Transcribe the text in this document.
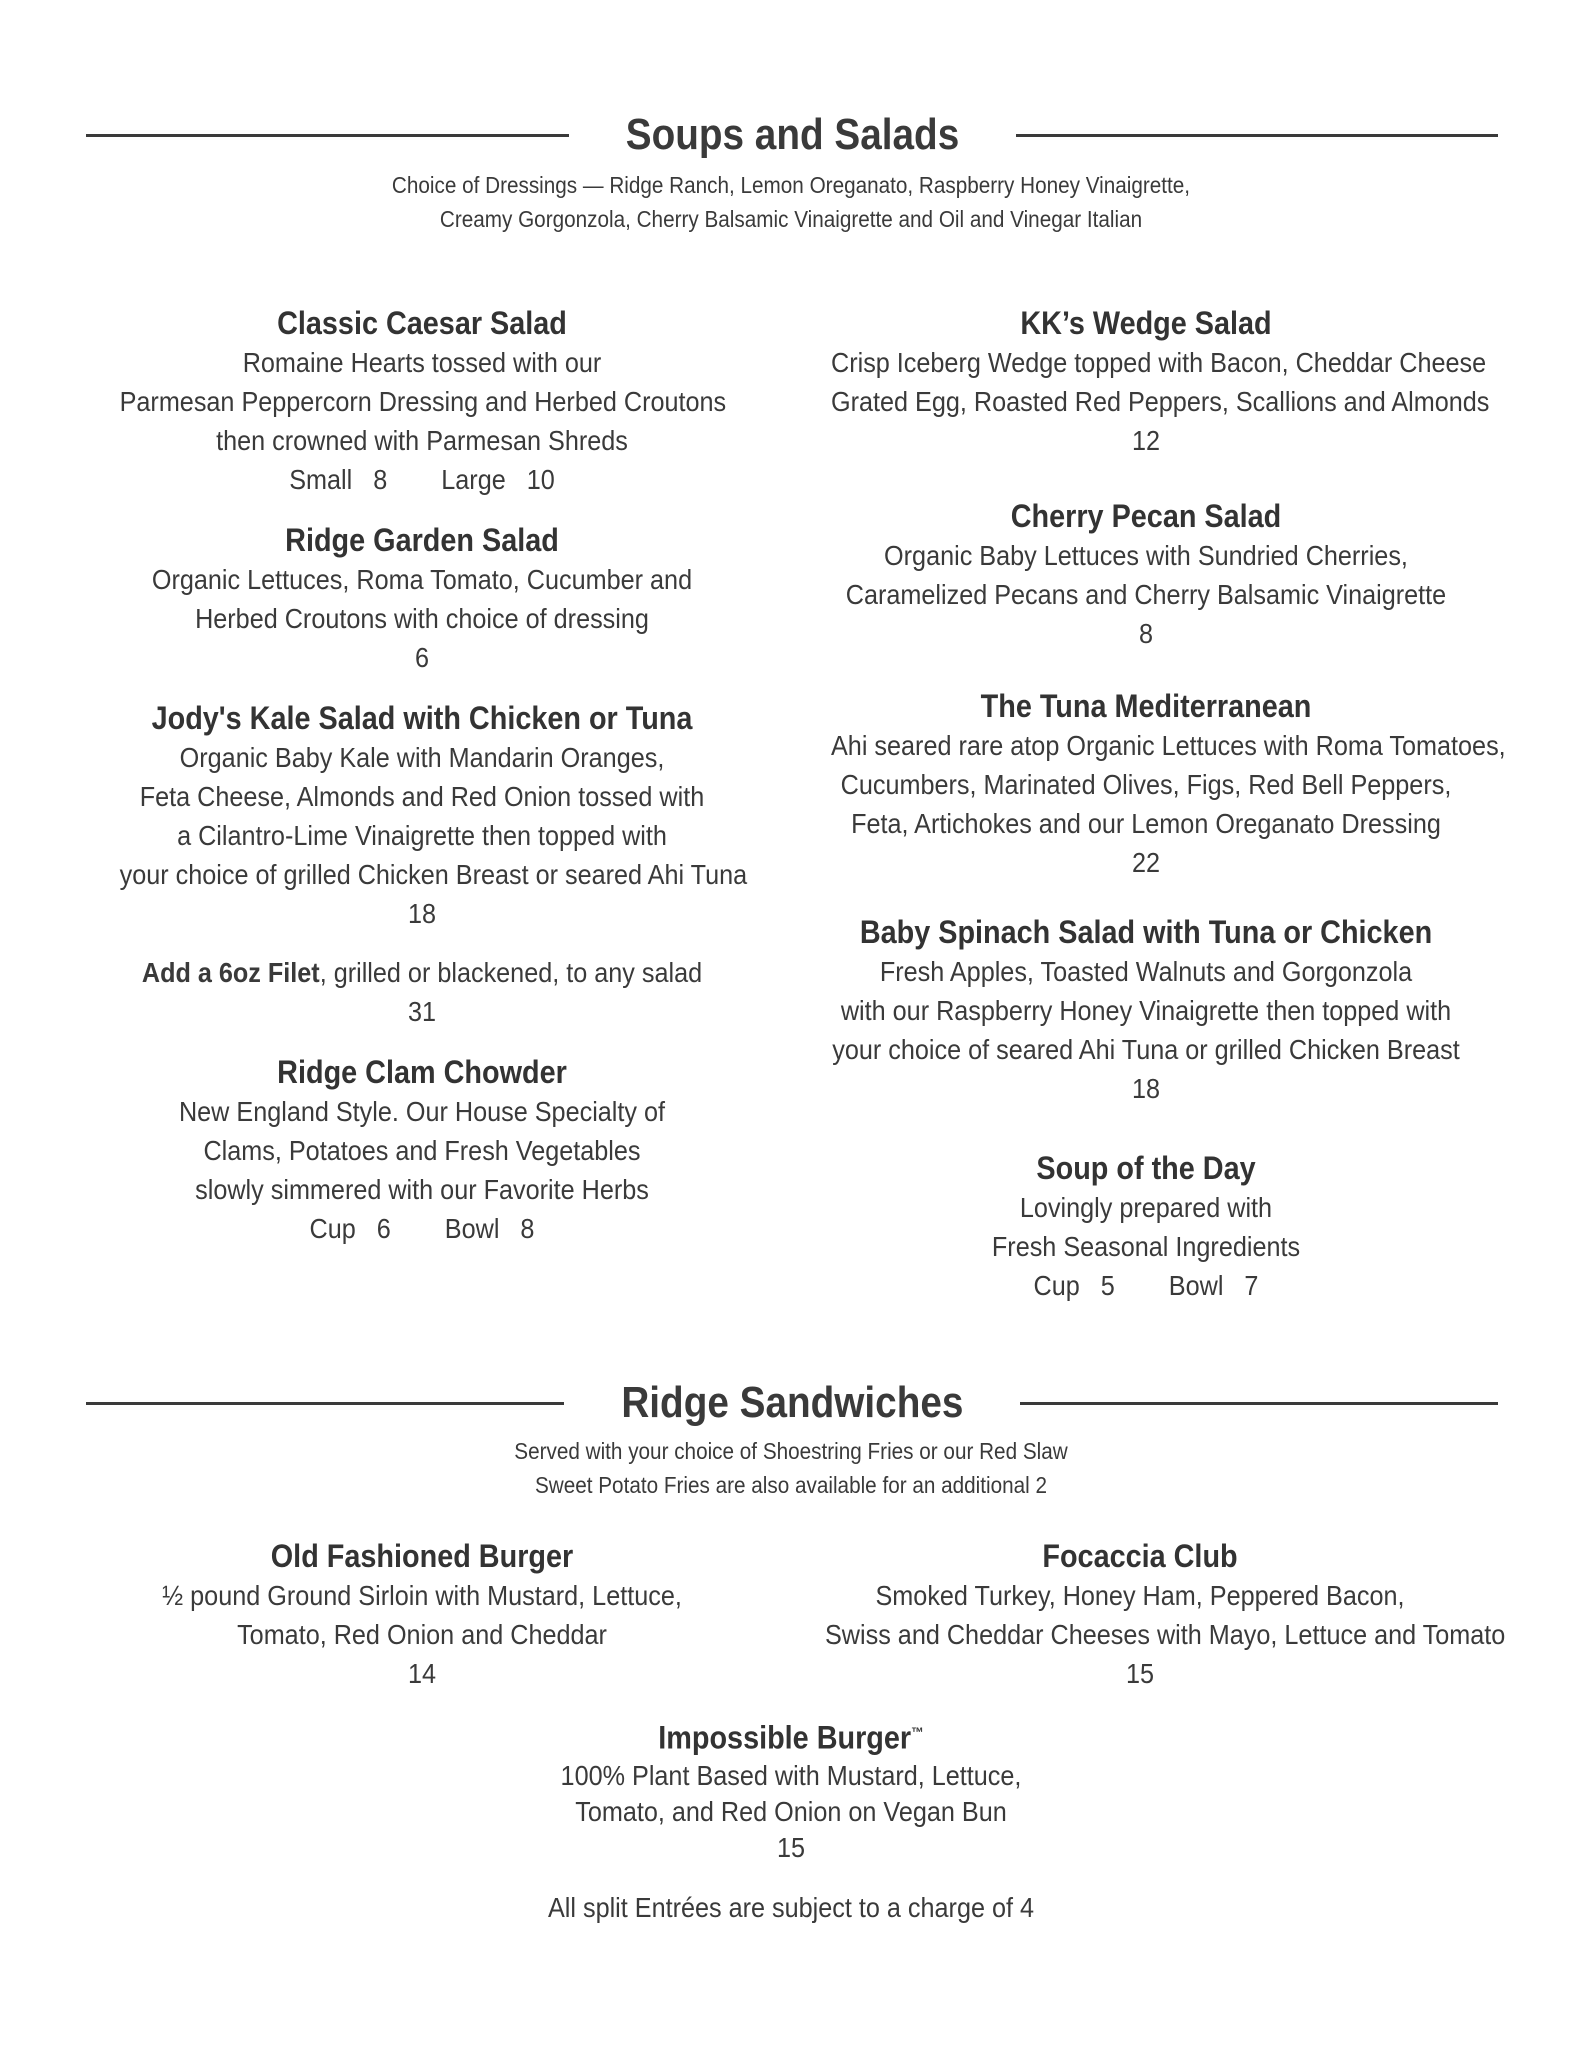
Soups and Salads
Choice of Dressings — Ridge Ranch, Lemon Oreganato, Raspberry Honey Vinaigrette,
Creamy Gorgonzola, Cherry Balsamic Vinaigrette and Oil and Vinegar Italian
Classic Caesar Salad
Romaine Hearts tossed with our
Parmesan Peppercorn Dressing and Herbed Croutons
then crowned with Parmesan Shreds
Small   8 Large   10
Ridge Garden Salad
Organic Lettuces, Roma Tomato, Cucumber and
Herbed Croutons with choice of dressing
6
Jody's Kale Salad with Chicken or Tuna
Organic Baby Kale with Mandarin Oranges,
Feta Cheese, Almonds and Red Onion tossed with
a Cilantro-Lime Vinaigrette then topped with
your choice of grilled Chicken Breast or seared Ahi Tuna
18
Add a 6oz Filet, grilled or blackened, to any salad
31
Ridge Clam Chowder
New England Style. Our House Specialty of
Clams, Potatoes and Fresh Vegetables
slowly simmered with our Favorite Herbs
Cup   6 Bowl   8
KK’s Wedge Salad
Crisp Iceberg Wedge topped with Bacon, Cheddar Cheese
Grated Egg, Roasted Red Peppers, Scallions and Almonds
12
Cherry Pecan Salad
Organic Baby Lettuces with Sundried Cherries,
Caramelized Pecans and Cherry Balsamic Vinaigrette
8
The Tuna Mediterranean
Ahi seared rare atop Organic Lettuces with Roma Tomatoes,
Cucumbers, Marinated Olives, Figs, Red Bell Peppers,
Feta, Artichokes and our Lemon Oreganato Dressing
22
Baby Spinach Salad with Tuna or Chicken
Fresh Apples, Toasted Walnuts and Gorgonzola
with our Raspberry Honey Vinaigrette then topped with
your choice of seared Ahi Tuna or grilled Chicken Breast
18
Soup of the Day
Lovingly prepared with
Fresh Seasonal Ingredients
Cup   5 Bowl   7
Ridge Sandwiches
Served with your choice of Shoestring Fries or our Red Slaw
Sweet Potato Fries are also available for an additional 2
Old Fashioned Burger
½ pound Ground Sirloin with Mustard, Lettuce,
Tomato, Red Onion and Cheddar
14
Focaccia Club
Smoked Turkey, Honey Ham, Peppered Bacon,
Swiss and Cheddar Cheeses with Mayo, Lettuce and Tomato
15
Impossible Burger™
100% Plant Based with Mustard, Lettuce,
Tomato, and Red Onion on Vegan Bun
15
All split Entrées are subject to a charge of 4
